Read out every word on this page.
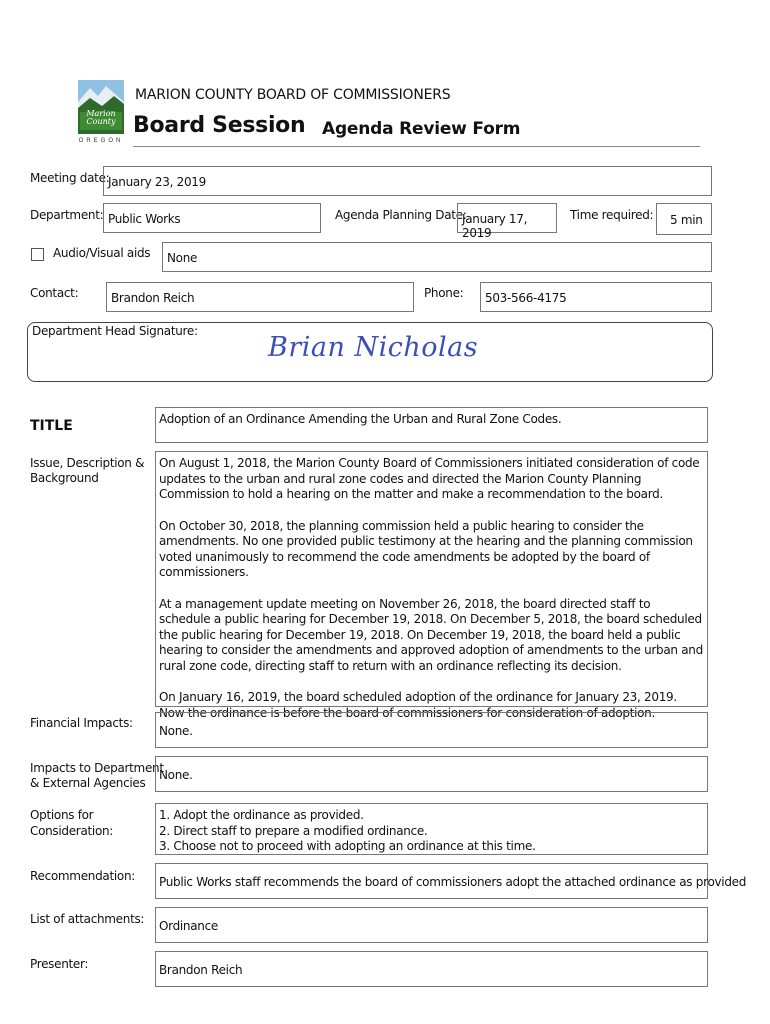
Marion County
OREGON
MARION COUNTY BOARD OF COMMISSIONERS
Board Session Agenda Review Form
Meeting date:
January 23, 2019
Department: Public Works	Agenda Planning Date:
January 17, 2019
Time required: 5 min
Audio/Visual aids None
Contact:	Brandon Reich	Phone: 503-566-4175
Department Head Signature:
Brian Nicholas
TITLE	Adoption of an Ordinance Amending the Urban and Rural Zone Codes.
Issue, Description &
Background

On August 1, 2018, the Marion County Board of Commissioners initiated consideration of code updates to the urban and rural zone codes and directed the Marion County Planning Commission to hold a hearing on the matter and make a recommendation to the board.

On October 30, 2018, the planning commission held a public hearing to consider the amendments. No one provided public testimony at the hearing and the planning commission voted unanimously to recommend the code amendments be adopted by the board of commissioners.

At a management update meeting on November 26, 2018, the board directed staff to schedule a public hearing for December 19, 2018. On December 5, 2018, the board scheduled the public hearing for December 19, 2018. On December 19, 2018, the board held a public hearing to consider the amendments and approved adoption of amendments to the urban and rural zone code, directing staff to return with an ordinance reflecting its decision.

On January 16, 2019, the board scheduled adoption of the ordinance for January 23, 2019. Now the ordinance is before the board of commissioners for consideration of adoption.

Financial Impacts:
None.
Impacts to Department
& External Agencies
None.
Options for
Consideration:
1. Adopt the ordinance as provided.
2. Direct staff to prepare a modified ordinance.
3. Choose not to proceed with adopting an ordinance at this time.
Recommendation: Public Works staff recommends the board of commissioners adopt the attached ordinance as provided
List of attachments: Ordinance
Presenter:	Brandon Reich
